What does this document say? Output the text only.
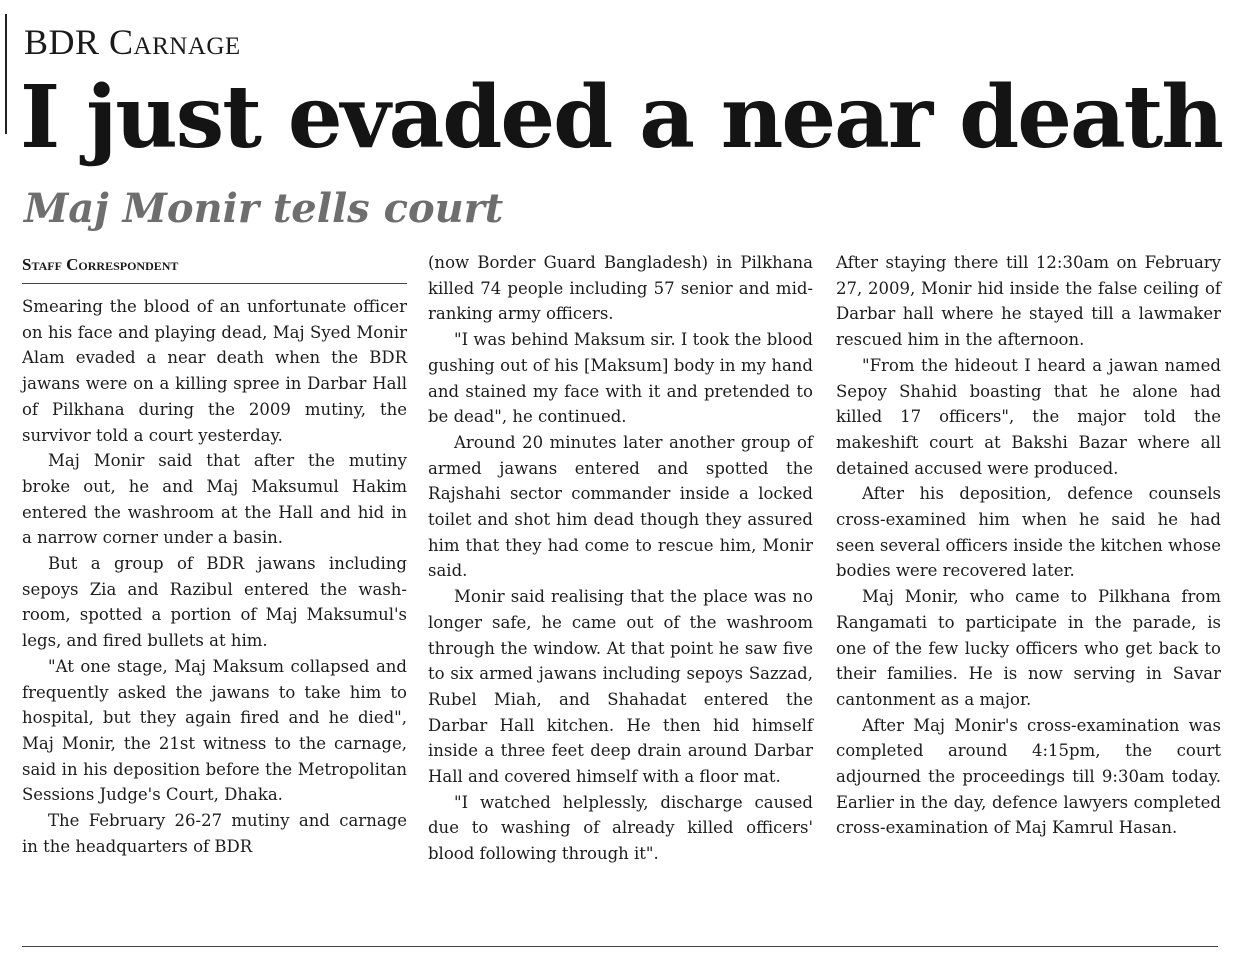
BDR Carnage
I just evaded a near death
Maj Monir tells court
Staff Correspondent

Smearing the blood of an unfortunate officer on his face and playing dead, Maj Syed Monir Alam evaded a near death when the BDR jawans were on a killing spree in Darbar Hall of Pilkhana during the 2009 mutiny, the survivor told a court yesterday.

Maj Monir said that after the mutiny broke out, he and Maj Maksumul Hakim entered the washroom at the Hall and hid in a narrow corner under a basin.

But a group of BDR jawans including sepoys Zia and Razibul entered the washroom, spotted a portion of Maj Maksumul's legs, and fired bullets at him.

"At one stage, Maj Maksum collapsed and frequently asked the jawans to take him to hospital, but they again fired and he died", Maj Monir, the 21st witness to the carnage, said in his deposition before the Metropolitan Sessions Judge's Court, Dhaka.

The February 26-27 mutiny and carnage in the headquarters of BDR

(now Border Guard Bangladesh) in Pilkhana killed 74 people including 57 senior and mid-ranking army officers.

"I was behind Maksum sir. I took the blood gushing out of his [Maksum] body in my hand and stained my face with it and pretended to be dead", he continued.

Around 20 minutes later another group of armed jawans entered and spotted the Rajshahi sector commander inside a locked toilet and shot him dead though they assured him that they had come to rescue him, Monir said.

Monir said realising that the place was no longer safe, he came out of the washroom through the window. At that point he saw five to six armed jawans including sepoys Sazzad, Rubel Miah, and Shahadat entered the Darbar Hall kitchen. He then hid himself inside a three feet deep drain around Darbar Hall and covered himself with a floor mat.

"I watched helplessly, discharge caused due to washing of already killed officers' blood following through it".

After staying there till 12:30am on February 27, 2009, Monir hid inside the false ceiling of Darbar hall where he stayed till a lawmaker rescued him in the afternoon.

"From the hideout I heard a jawan named Sepoy Shahid boasting that he alone had killed 17 officers", the major told the makeshift court at Bakshi Bazar where all detained accused were produced.

After his deposition, defence counsels cross-examined him when he said he had seen several officers inside the kitchen whose bodies were recovered later.

Maj Monir, who came to Pilkhana from Rangamati to participate in the parade, is one of the few lucky officers who get back to their families. He is now serving in Savar cantonment as a major.

After Maj Monir's cross-examination was completed around 4:15pm, the court adjourned the proceedings till 9:30am today. Earlier in the day, defence lawyers completed cross-examination of Maj Kamrul Hasan.
